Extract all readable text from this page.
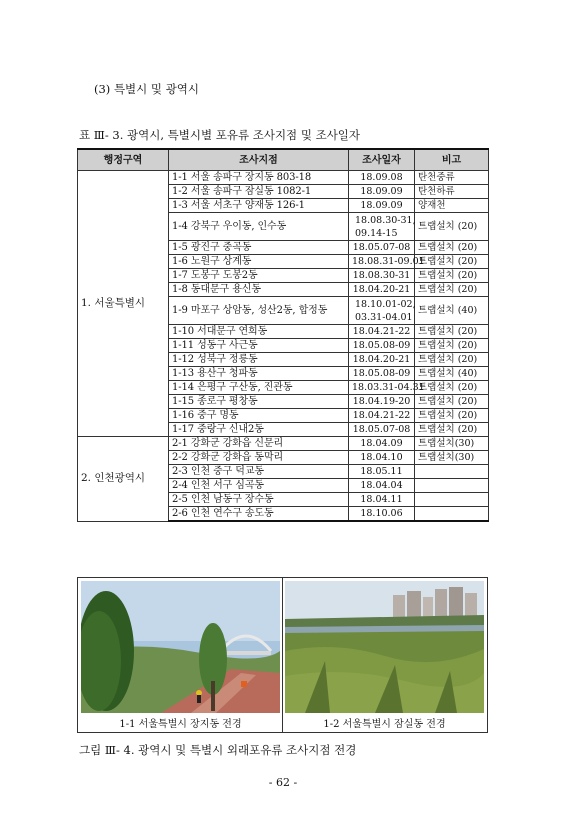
(3) 특별시 및 광역시
표 Ⅲ- 3. 광역시, 특별시별 포유류 조사지점 및 조사일자
행정구역	조사지점	조사일자	비고
1. 서울특별시	1-1 서울 송파구 장지동 803-18	18.09.08	탄천중류
	1-2 서울 송파구 잠실동 1082-1	18.09.09	탄천하류
	1-3 서울 서초구 양재동 126-1	18.09.09	양재천
	1-4 강북구 우이동, 인수동	18.08.30-31,
09.14-15	트랩설치 (20)
	1-5 광진구 중곡동	18.05.07-08	트랩설치 (20)
	1-6 노원구 상계동	18.08.31-09.01	트랩설치 (20)
	1-7 도봉구 도봉2동	18.08.30-31	트랩설치 (20)
	1-8 동대문구 용신동	18.04.20-21	트랩설치 (20)
	1-9 마포구 상암동, 성산2동, 합정동	18.10.01-02,
03.31-04.01	트랩설치 (40)
	1-10 서대문구 연희동	18.04.21-22	트랩설치 (20)
	1-11 성동구 사근동	18.05.08-09	트랩설치 (20)
	1-12 성북구 정릉동	18.04.20-21	트랩설치 (20)
	1-13 용산구 청파동	18.05.08-09	트랩설치 (40)
	1-14 은평구 구산동, 진관동	18.03.31-04.31	트랩설치 (20)
	1-15 종로구 평창동	18.04.19-20	트랩설치 (20)
	1-16 중구 명동	18.04.21-22	트랩설치 (20)
	1-17 중랑구 신내2동	18.05.07-08	트랩설치 (20)
2. 인천광역시	2-1 강화군 강화읍 신문리	18.04.09	트랩설치(30)
	2-2 강화군 강화읍 동막리	18.04.10	트랩설치(30)
	2-3 인천 중구 덕교동	18.05.11	

	2-4 인천 서구 심곡동	18.04.04	

	2-5 인천 남동구 장수동	18.04.11	

	2-6 인천 연수구 송도동	18.10.06	

1-1 서울특별시 장지동 전경	1-2 서울특별시 잠실동 전경
그림 Ⅲ- 4. 광역시 및 특별시 외래포유류 조사지점 전경
- 62 -
